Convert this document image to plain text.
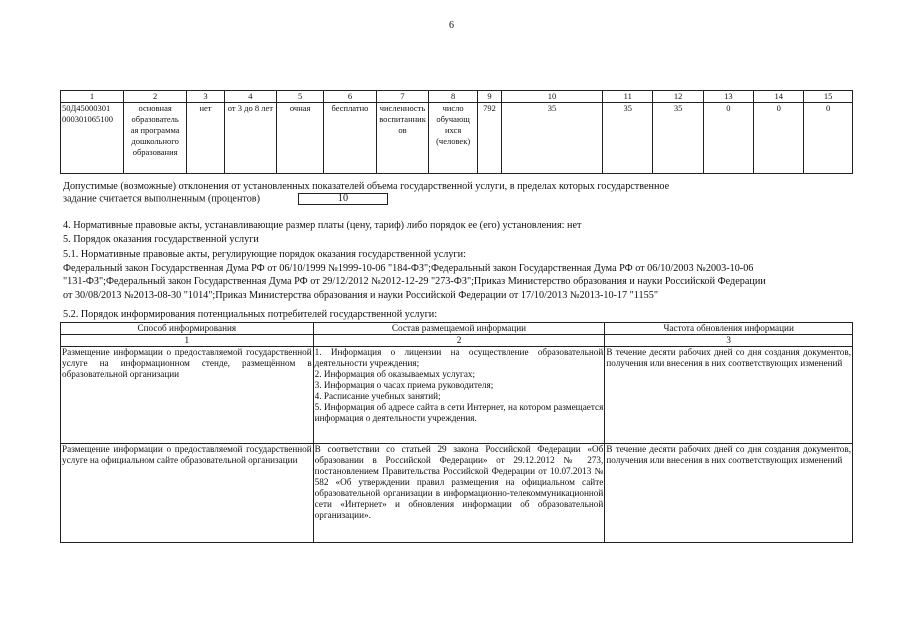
6
1	2	3	4	5	6	7	8	9	10	11	12	13	14	15

50Д45000301
000301065100	основная
образователь
ая программа
дошкольного
образования	нет	от 3 до 8 лет	очная	бесплатно	численность
воспитанник
ов	число
обучающ
ихся
(человек)	792	35	35	35	0	0	0
Допустимые (возможные) отклонения от установленных показателей объема государственной услуги, в пределах которых государственное
задание считается выполненным (процентов)	10
4. Нормативные правовые акты, устанавливающие размер платы (цену, тариф) либо порядок ее (его) установления: нет
5. Порядок оказания государственной услуги
5.1. Нормативные правовые акты, регулирующие порядок оказания государственной услуги:
Федеральный закон Государственная Дума РФ от 06/10/1999 №1999-10-06 "184-ФЗ";Федеральный закон Государственная Дума РФ от 06/10/2003 №2003-10-06
"131-ФЗ";Федеральный закон Государственная Дума РФ от 29/12/2012 №2012-12-29 "273-ФЗ";Приказ Министерство образования и науки Российской Федерации
от 30/08/2013 №2013-08-30 "1014";Приказ Министерства образования и науки Российской Федерации от 17/10/2013 №2013-10-17 "1155"
5.2. Порядок информирования потенциальных потребителей государственной услуги:
Способ информирования	Состав размещаемой информации	Частота обновления информации
1	2	3
Размещение информации о предоставляемой государственной услуге на информационном стенде, размещённом в образовательной организации	1. Информация о лицензии на осуществление образовательной деятельности учреждения;
2. Информация об оказываемых услугах;
3. Информация о часах приема руководителя;
4. Расписание учебных занятий;
5. Информация об адресе сайта в сети Интернет, на котором размещается информация о деятельности учреждения.	В течение десяти рабочих дней со дня создания документов, получения или внесения в них соответствующих изменений
Размещение информации о предоставляемой государственной услуге на официальном сайте образовательной организации	В соответствии со статьей 29 закона Российской Федерации «Об образовании в Российской Федерации» от 29.12.2012 № 273, постановлением Правительства Российской Федерации от 10.07.2013 № 582 «Об утверждении правил размещения на официальном сайте образовательной организации в информационно-телекоммуникационной сети «Интернет» и обновления информации об образовательной организации».	В течение десяти рабочих дней со дня создания документов, получения или внесения в них соответствующих изменений
